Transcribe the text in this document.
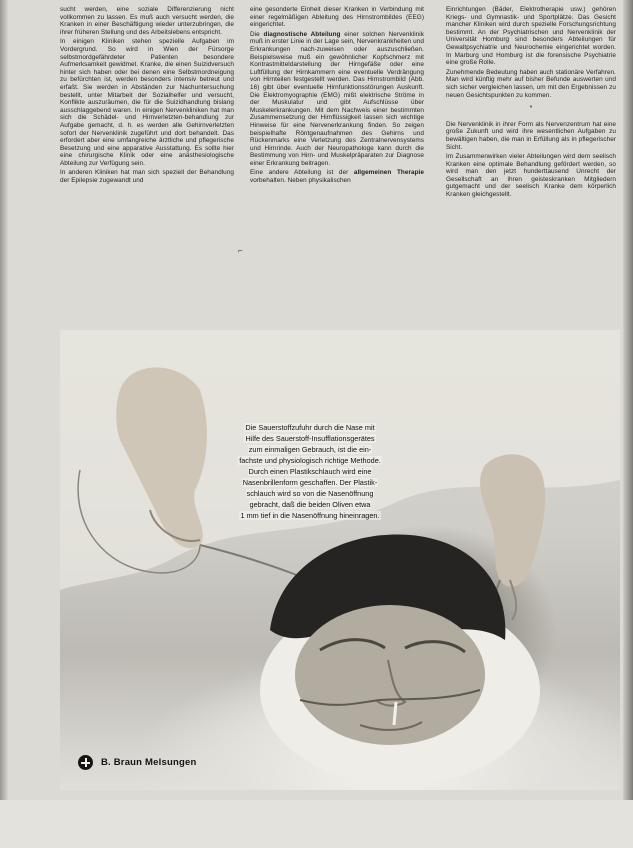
sucht werden, eine soziale Differenzierung nicht vollkommen zu lassen. Es muß auch versucht werden, die Kranken in einer Beschäftigung wieder unterzubringen, die ihrer früheren Stellung und des Arbeitslebens entspricht.

In einigen Kliniken stehen spezielle Aufgaben im Vordergrund. So wird in Wien der Fürsorge selbstmordgefährdeter Patienten besondere Aufmerksamkeit gewidmet. Kranke, die einen Suizidversuch hinter sich haben oder bei denen eine Selbstmordneigung zu befürchten ist, werden besonders intensiv betreut und erfaßt. Sie werden in Abständen zur Nachuntersuchung bestellt, unter Mitarbeit der Sozialhelfer und versucht, Konflikte auszuräumen, die für die Suizidhandlung bislang ausschlaggebend waren. In einigen Nervenkliniken hat man sich die Schädel- und Hirnverletzten-behandlung zur Aufgabe gemacht, d. h. es werden alle Gehirnverletzten sofort der Nervenklinik zugeführt und dort behandelt. Das erfordert aber eine umfangreiche ärztliche und pflegerische Besetzung und eine apparative Ausstattung. Es sollte hier eine chirurgische Klinik oder eine anästhesiologische Abteilung zur Verfügung sein.

In anderen Kliniken hat man sich speziell der Behandlung der Epilepsie zugewandt und

⌐

eine gesonderte Einheit dieser Kranken in Verbindung mit einer regelmäßigen Ableitung des Hirnstrombildes (EEG) eingerichtet.

Die diagnostische Abteilung einer solchen Nervenklinik muß in erster Linie in der Lage sein, Nervenkrankheiten und Erkrankungen nach-zuweisen oder auszuschließen. Beispielsweise muß ein gewöhnlicher Kopfschmerz mit Kontrastmitteldarstellung der Hirngefäße oder eine Luftfüllung der Hirnkammern eine eventuelle Verdrängung von Hirnteilen festgestellt werden. Das Hirnstrombild (Abb. 16) gibt über eventuelle Hirnfunktionsstörungen Auskunft. Die Elektromyographie (EMG) mißt elektrische Ströme in der Muskulatur und gibt Aufschlüsse über Muskelerkrankungen. Mit dem Nachweis einer bestimmten Zusammensetzung der Hirnflüssigkeit lassen sich wichtige Hinweise für eine Nervenerkrankung finden. So zeigen beispielhafte Röntgenaufnahmen des Gehirns und Rückenmarks eine Verletzung des Zentralnervensystems und Hirnrinde. Auch der Neuropathologe kann durch die Bestimmung von Hirn- und Muskelpräparaten zur Diagnose einer Erkrankung beitragen.

Eine andere Abteilung ist der allgemeinen Therapie vorbehalten. Neben physikalischen

Einrichtungen (Bäder, Elektrotherapie usw.) gehören Kriegs- und Gymnastik- und Sportplätze. Das Gesicht mancher Kliniken wird durch spezielle Forschungsrichtung bestimmt. An der Psychiatrischen und Nervenklinik der Universität Homburg sind besonders Abteilungen für Gewaltpsychiatrie und Neurochemie eingerichtet worden. In Marburg und Homburg ist die forensische Psychiatrie eine große Rolle.

Zunehmende Bedeutung haben auch stationäre Verfahren. Man wird künftig mehr auf bisher Befunde auswerten und sich sicher vergleichen lassen, um mit den Ergebnissen zu neuen Gesichtspunkten zu kommen.

*

Die Nervenklinik in ihrer Form als Nervenzentrum hat eine große Zukunft und wird ihre wesentlichen Aufgaben zu bewältigen haben, die man in Erfüllung als in pflegerischer Sicht.

Im Zusammenwirken vieler Abteilungen wird dem seelisch Kranken eine optimale Behandlung gefördert werden, so wird man den jetzt hunderttausend Unrecht der Gesellschaft an ihren geisteskranken Mitgliedern gutgemacht und der seelisch Kranke dem körperlich Kranken gleichgestellt.

Die Sauerstoffzufuhr durch die Nase mit
Hilfe des Sauerstoff-Insufflationsgerätes
zum einmaligen Gebrauch, ist die ein-
fachste und physiologisch richtige Methode.
Durch einen Plastikschlauch wird eine
Nasenbrillenform geschaffen. Der Plastik-
schlauch wird so von die Nasenöffnung
gebracht, daß die beiden Oliven etwa
1 mm tief in die Nasenöffnung hineinragen.
B. Braun Melsungen
